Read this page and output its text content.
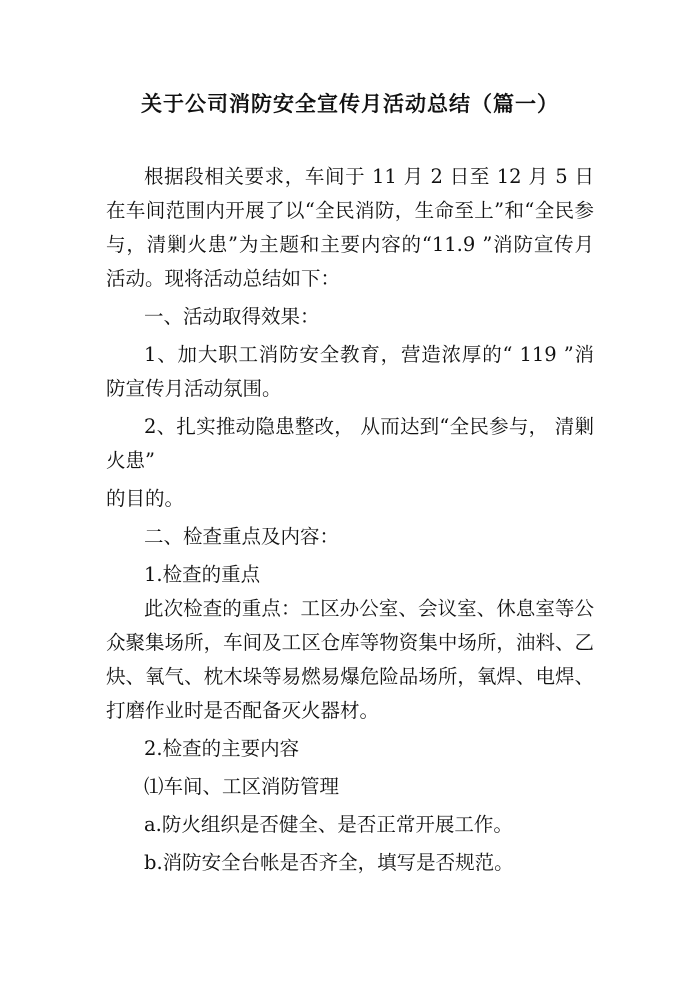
关于公司消防安全宣传月活动总结（篇一）

根据段相关要求，车间于 11 月 2 日至 12 月 5 日在车间范围内开展了以“全民消防，生命至上”和“全民参与，清剿火患”为主题和主要内容的“11.9 ”消防宣传月活动。现将活动总结如下：

一、活动取得效果：

1、加大职工消防安全教育，营造浓厚的“ 119 ”消 防宣传月活动氛围。

2、扎实推动隐患整改， 从而达到“全民参与， 清剿火患”

的目的。

二、检查重点及内容：

1.检查的重点

此次检查的重点：工区办公室、会议室、休息室等公众聚集场所，车间及工区仓库等物资集中场所，油料、乙炔、氧气、枕木垛等易燃易爆危险品场所，氧焊、电焊、打磨作业时是否配备灭火器材。

2.检查的主要内容

⑴车间、工区消防管理

a.防火组织是否健全、是否正常开展工作。

b.消防安全台帐是否齐全，填写是否规范。
